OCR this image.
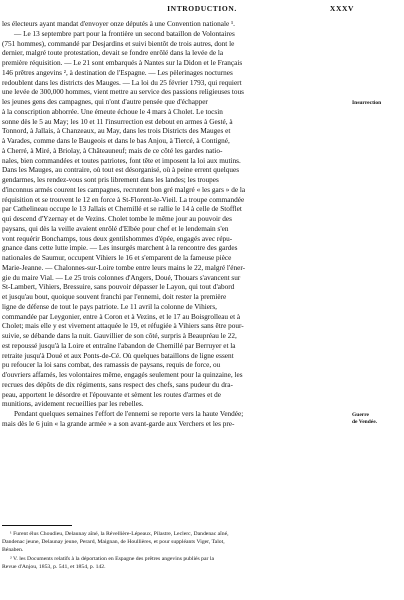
INTRODUCTION.	XXXV
les électeurs ayant mandat d'envoyer onze députés à une Convention nationale ¹.
— Le 13 septembre part pour la frontière un second bataillon de Volontaires
(751 hommes), commandé par Desjardins et suivi bientôt de trois autres, dont le
dernier, malgré toute protestation, devait se fondre enrôlé dans la levée de la
première réquisition. — Le 21 sont embarqués à Nantes sur la Didon et le Français
146 prêtres angevins ², à destination de l'Espagne. — Les pèlerinages nocturnes
redoublent dans les districts des Mauges. — La loi du 25 février 1793, qui requiert
une levée de 300,000 hommes, vient mettre au service des passions religieuses tous
les jeunes gens des campagnes, qui n'ont d'autre pensée que d'échapper
à la conscription abhorrée. Une émeute échoue le 4 mars à Cholet. Le tocsin
sonne dès le 5 au May; les 10 et 11 l'insurrection est debout en armes à Gesté, à
Tonnord, à Jallais, à Chanzeaux, au May, dans les trois Districts des Mauges et
à Varades, comme dans le Baugeois et dans le bas Anjou, à Tiercé, à Contigné,
à Cherré, à Miré, à Briolay, à Châteauneuf; mais de ce côté les gardes natio-
nales, bien commandées et toutes patriotes, font tête et imposent la loi aux mutins.
Dans les Mauges, au contraire, où tout est désorganisé, où à peine errent quelques
gendarmes, les rendez-vous sont pris librement dans les landes; les troupes
d'inconnus armés courent les campagnes, recrutent bon gré malgré « les gars » de la
réquisition et se trouvent le 12 en force à St-Florent-le-Vieil. La troupe commandée
par Cathelineau occupe le 13 Jallais et Chemillé et se rallie le 14 à celle de Stofflet
qui descend d'Yzernay et de Vezins. Cholet tombe le même jour au pouvoir des
paysans, qui dès la veille avaient enrôlé d'Elbée pour chef et le lendemain s'en
vont requérir Bonchamps, tous deux gentilshommes d'épée, engagés avec répu-
gnance dans cette lutte impie. — Les insurgés marchent à la rencontre des gardes
nationales de Saumur, occupent Vihiers le 16 et s'emparent de la fameuse pièce
Marie-Jeanne. — Chalonnes-sur-Loire tombe entre leurs mains le 22, malgré l'éner-
gie du maire Vial. — Le 25 trois colonnes d'Angers, Doué, Thouars s'avancent sur
St-Lambert, Vihiers, Bressuire, sans pouvoir dépasser le Layon, qui tout d'abord
et jusqu'au bout, quoique souvent franchi par l'ennemi, doit rester la première
ligne de défense de tout le pays patriote. Le 11 avril la colonne de Vihiers,
commandée par Leygonier, entre à Coron et à Vezins, et le 17 au Boisgrolleau et à
Cholet; mais elle y est vivement attaquée le 19, et réfugiée à Vihiers sans être pour-
suivie, se débande dans la nuit. Gauvillier de son côté, surpris à Beaupréau le 22,
est repoussé jusqu'à la Loire et entraîne l'abandon de Chemillé par Berruyer et la
retraite jusqu'à Doué et aux Ponts-de-Cé. Où quelques bataillons de ligne essent
pu refoucer la loi sans combat, des ramassis de paysans, requis de force, ou
d'ouvriers affamés, les volontaires même, engagés seulement pour la quinzaine, les
recrues des dépôts de dix régiments, sans respect des chefs, sans pudeur du dra-
peau, apportent le désordre et l'épouvante et sèment les routes d'armes et de
munitions, avidement recueillies par les rebelles.
Pendant quelques semaines l'effort de l'ennemi se reporte vers la haute Vendée;
mais dès le 6 juin « la grande armée » a son avant-garde aux Verchers et les pre-
Insurrection
Guerre
de Vendée.
¹ Furent élus Choudieu, Delaunay aîné, la Révellière-Lépeaux, Pilastre, Leclerc, Dandenac aîné,
Dandenac jeune, Delaunay jeune, Perard, Maignan, de Houllières, et pour suppléants Viger, Talot,
Bénaben.
² V. les Documents relatifs à la déportation en Espagne des prêtres angevins publiés par la
Revue d'Anjou, 1853, p. 541, et 1854, p. 142.
